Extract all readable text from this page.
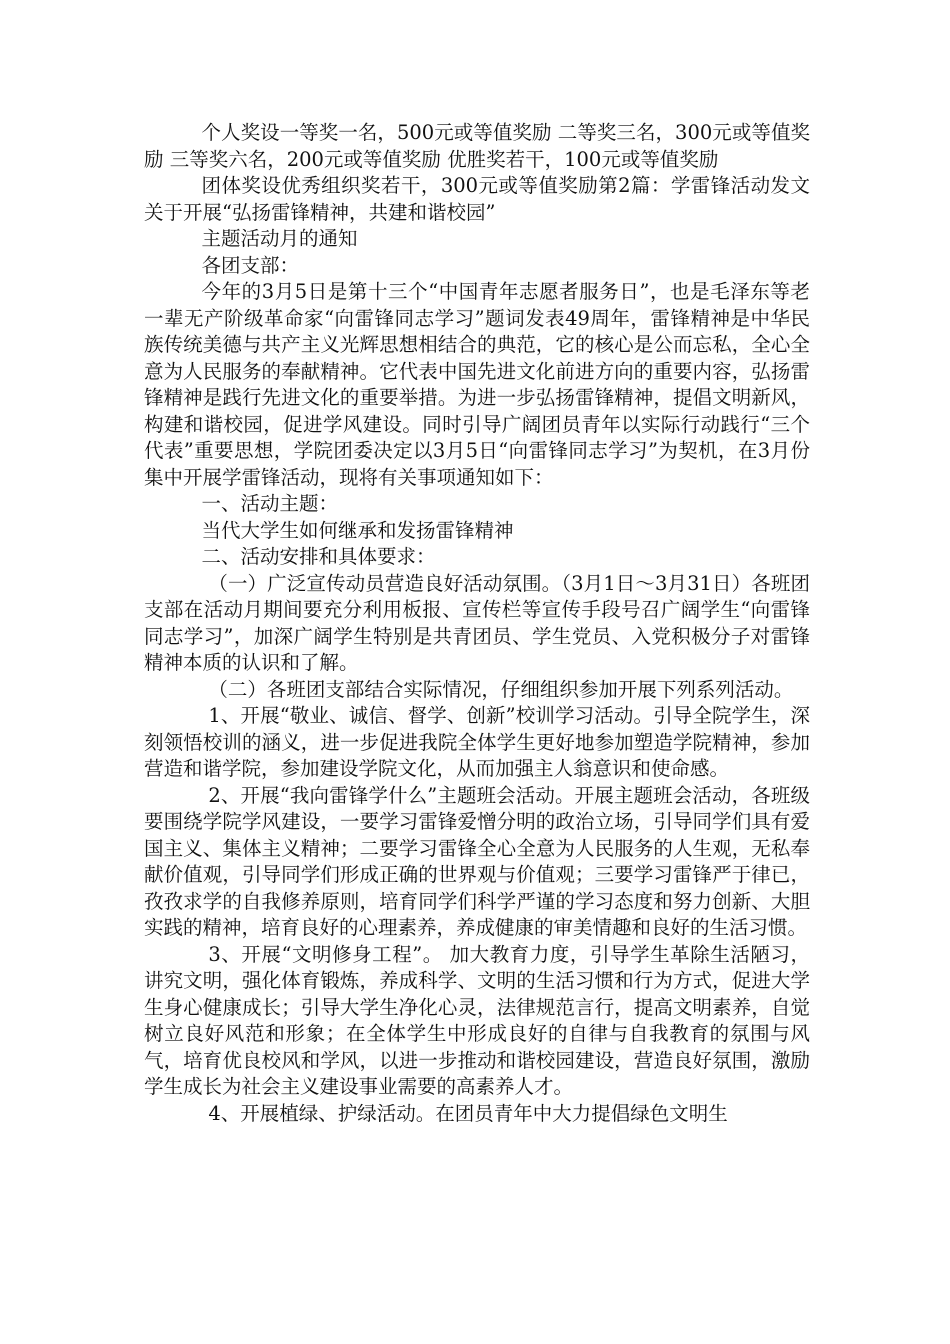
个人奖设一等奖一名，500元或等值奖励 二等奖三名，300元或等值奖励 三等奖六名，200元或等值奖励 优胜奖若干，100元或等值奖励

团体奖设优秀组织奖若干，300元或等值奖励第2篇：学雷锋活动发文关于开展“弘扬雷锋精神，共建和谐校园”

主题活动月的通知

各团支部：

今年的3月5日是第十三个“中国青年志愿者服务日”，也是毛泽东等老一辈无产阶级革命家“向雷锋同志学习”题词发表49周年，雷锋精神是中华民族传统美德与共产主义光辉思想相结合的典范，它的核心是公而忘私，全心全意为人民服务的奉献精神。它代表中国先进文化前进方向的重要内容，弘扬雷锋精神是践行先进文化的重要举措。为进一步弘扬雷锋精神，提倡文明新风，构建和谐校园，促进学风建设。同时引导广阔团员青年以实际行动践行“三个代表”重要思想，学院团委决定以3月5日“向雷锋同志学习”为契机，在3月份集中开展学雷锋活动，现将有关事项通知如下：

一、活动主题：

当代大学生如何继承和发扬雷锋精神

二、活动安排和具体要求：

（一）广泛宣传动员营造良好活动氛围。（3月1日～3月31日）各班团支部在活动月期间要充分利用板报、宣传栏等宣传手段号召广阔学生“向雷锋同志学习”，加深广阔学生特别是共青团员、学生党员、入党积极分子对雷锋精神本质的认识和了解。

（二）各班团支部结合实际情况，仔细组织参加开展下列系列活动。

1、开展“敬业、诚信、督学、创新”校训学习活动。引导全院学生，深刻领悟校训的涵义，进一步促进我院全体学生更好地参加塑造学院精神，参加营造和谐学院，参加建设学院文化，从而加强主人翁意识和使命感。

2、开展“我向雷锋学什么”主题班会活动。开展主题班会活动，各班级要围绕学院学风建设，一要学习雷锋爱憎分明的政治立场，引导同学们具有爱国主义、集体主义精神；二要学习雷锋全心全意为人民服务的人生观，无私奉献价值观，引导同学们形成正确的世界观与价值观；三要学习雷锋严于律已，孜孜求学的自我修养原则，培育同学们科学严谨的学习态度和努力创新、大胆实践的精神，培育良好的心理素养，养成健康的审美情趣和良好的生活习惯。

3、开展“文明修身工程”。 加大教育力度，引导学生革除生活陋习，讲究文明，强化体育锻炼，养成科学、文明的生活习惯和行为方式，促进大学生身心健康成长；引导大学生净化心灵，法律规范言行，提高文明素养，自觉树立良好风范和形象；在全体学生中形成良好的自律与自我教育的氛围与风气，培育优良校风和学风，以进一步推动和谐校园建设，营造良好氛围，激励学生成长为社会主义建设事业需要的高素养人才。

4、开展植绿、护绿活动。在团员青年中大力提倡绿色文明生
